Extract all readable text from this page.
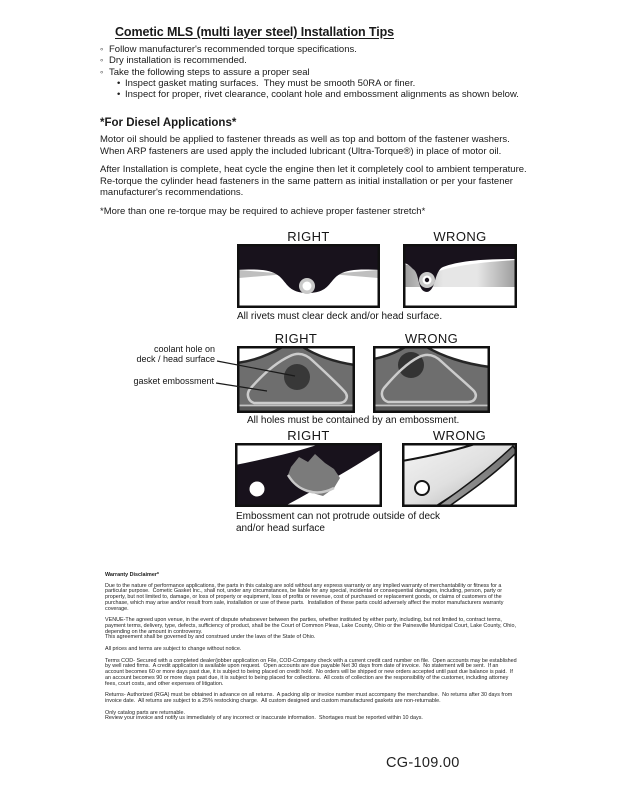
Cometic MLS (multi layer steel) Installation Tips
◦ Follow manufacturer's recommended torque specifications.
◦ Dry installation is recommended.
◦ Take the following steps to assure a proper seal
• Inspect gasket mating surfaces.  They must be smooth 50RA or finer.
• Inspect for proper, rivet clearance, coolant hole and embossment alignments as shown below.
*For Diesel Applications*
Motor oil should be applied to fastener threads as well as top and bottom of the fastener washers. When ARP fasteners are used apply the included lubricant (Ultra-Torque®) in place of motor oil.
After Installation is complete, heat cycle the engine then let it completely cool to ambient temperature. Re-torque the cylinder head fasteners in the same pattern as initial installation or per your fastener manufacturer's recommendations.
*More than one re-torque may be required to achieve proper fastener stretch*
RIGHT	WRONG
All rivets must clear deck and/or head surface.
RIGHT	WRONG
coolant hole on
deck / head surface
gasket embossment
All holes must be contained by an embossment.
RIGHT	WRONG
Embossment can not protrude outside of deck
and/or head surface

Warranty Disclaimer*

Due to the nature of performance applications, the parts in this catalog are sold without any express warranty or any implied warranty of merchantability or fitness for a particular purpose.  Cometic Gasket Inc., shall not, under any circumstances, be liable for any special, incidental or consequential damages, including, person, party or property, but not limited to, damage, or loss of property or equipment, loss of profits or revenue, cost of purchased or replacement goods, or claims of customers of the purchase, which may arise and/or result from sale, installation or use of these parts.  Installation of these parts could adversely affect the motor manufacturers warranty coverage.

VENUE-The agreed upon venue, in the event of dispute whatsoever between the parties, whether instituted by either party, including, but not limited to, contract terms, payment terms, delivery, type, defects, sufficiency of product, shall be the Court of Common Pleas, Lake County, Ohio or the Painesville Municipal Court, Lake County, Ohio, depending on the amount in controversy.

This agreement shall be governed by and construed under the laws of the State of Ohio.

All prices and terms are subject to change without notice.

Terms COD- Secured with a completed dealer/jobber application on File, COD-Company check with a current credit card number on file.  Open accounts may be established by well rated firms.  A credit application is available upon request.  Open accounts are due payable Net 30 days from date of invoice.  No statement will be sent.  If an account becomes 60 or more days past due, it is subject to being placed on credit hold.  No orders will be shipped or new orders accepted until past due balance is paid.  If an account becomes 90 or more days past due, it is subject to being placed for collections.  All costs of collection are the responsibility of the customer, including attorney fees, court costs, and other expenses of litigation.

Returns- Authorized (RGA) must be obtained in advance on all returns.  A packing slip or invoice number must accompany the merchandise.  No returns after 30 days from invoice date.  All returns are subject to a 25% restocking charge.  All custom designed and custom manufactured gaskets are non-returnable.

Only catalog parts are returnable.

Review your invoice and notify us immediately of any incorrect or inaccurate information.  Shortages must be reported within 10 days.

CG-109.00
